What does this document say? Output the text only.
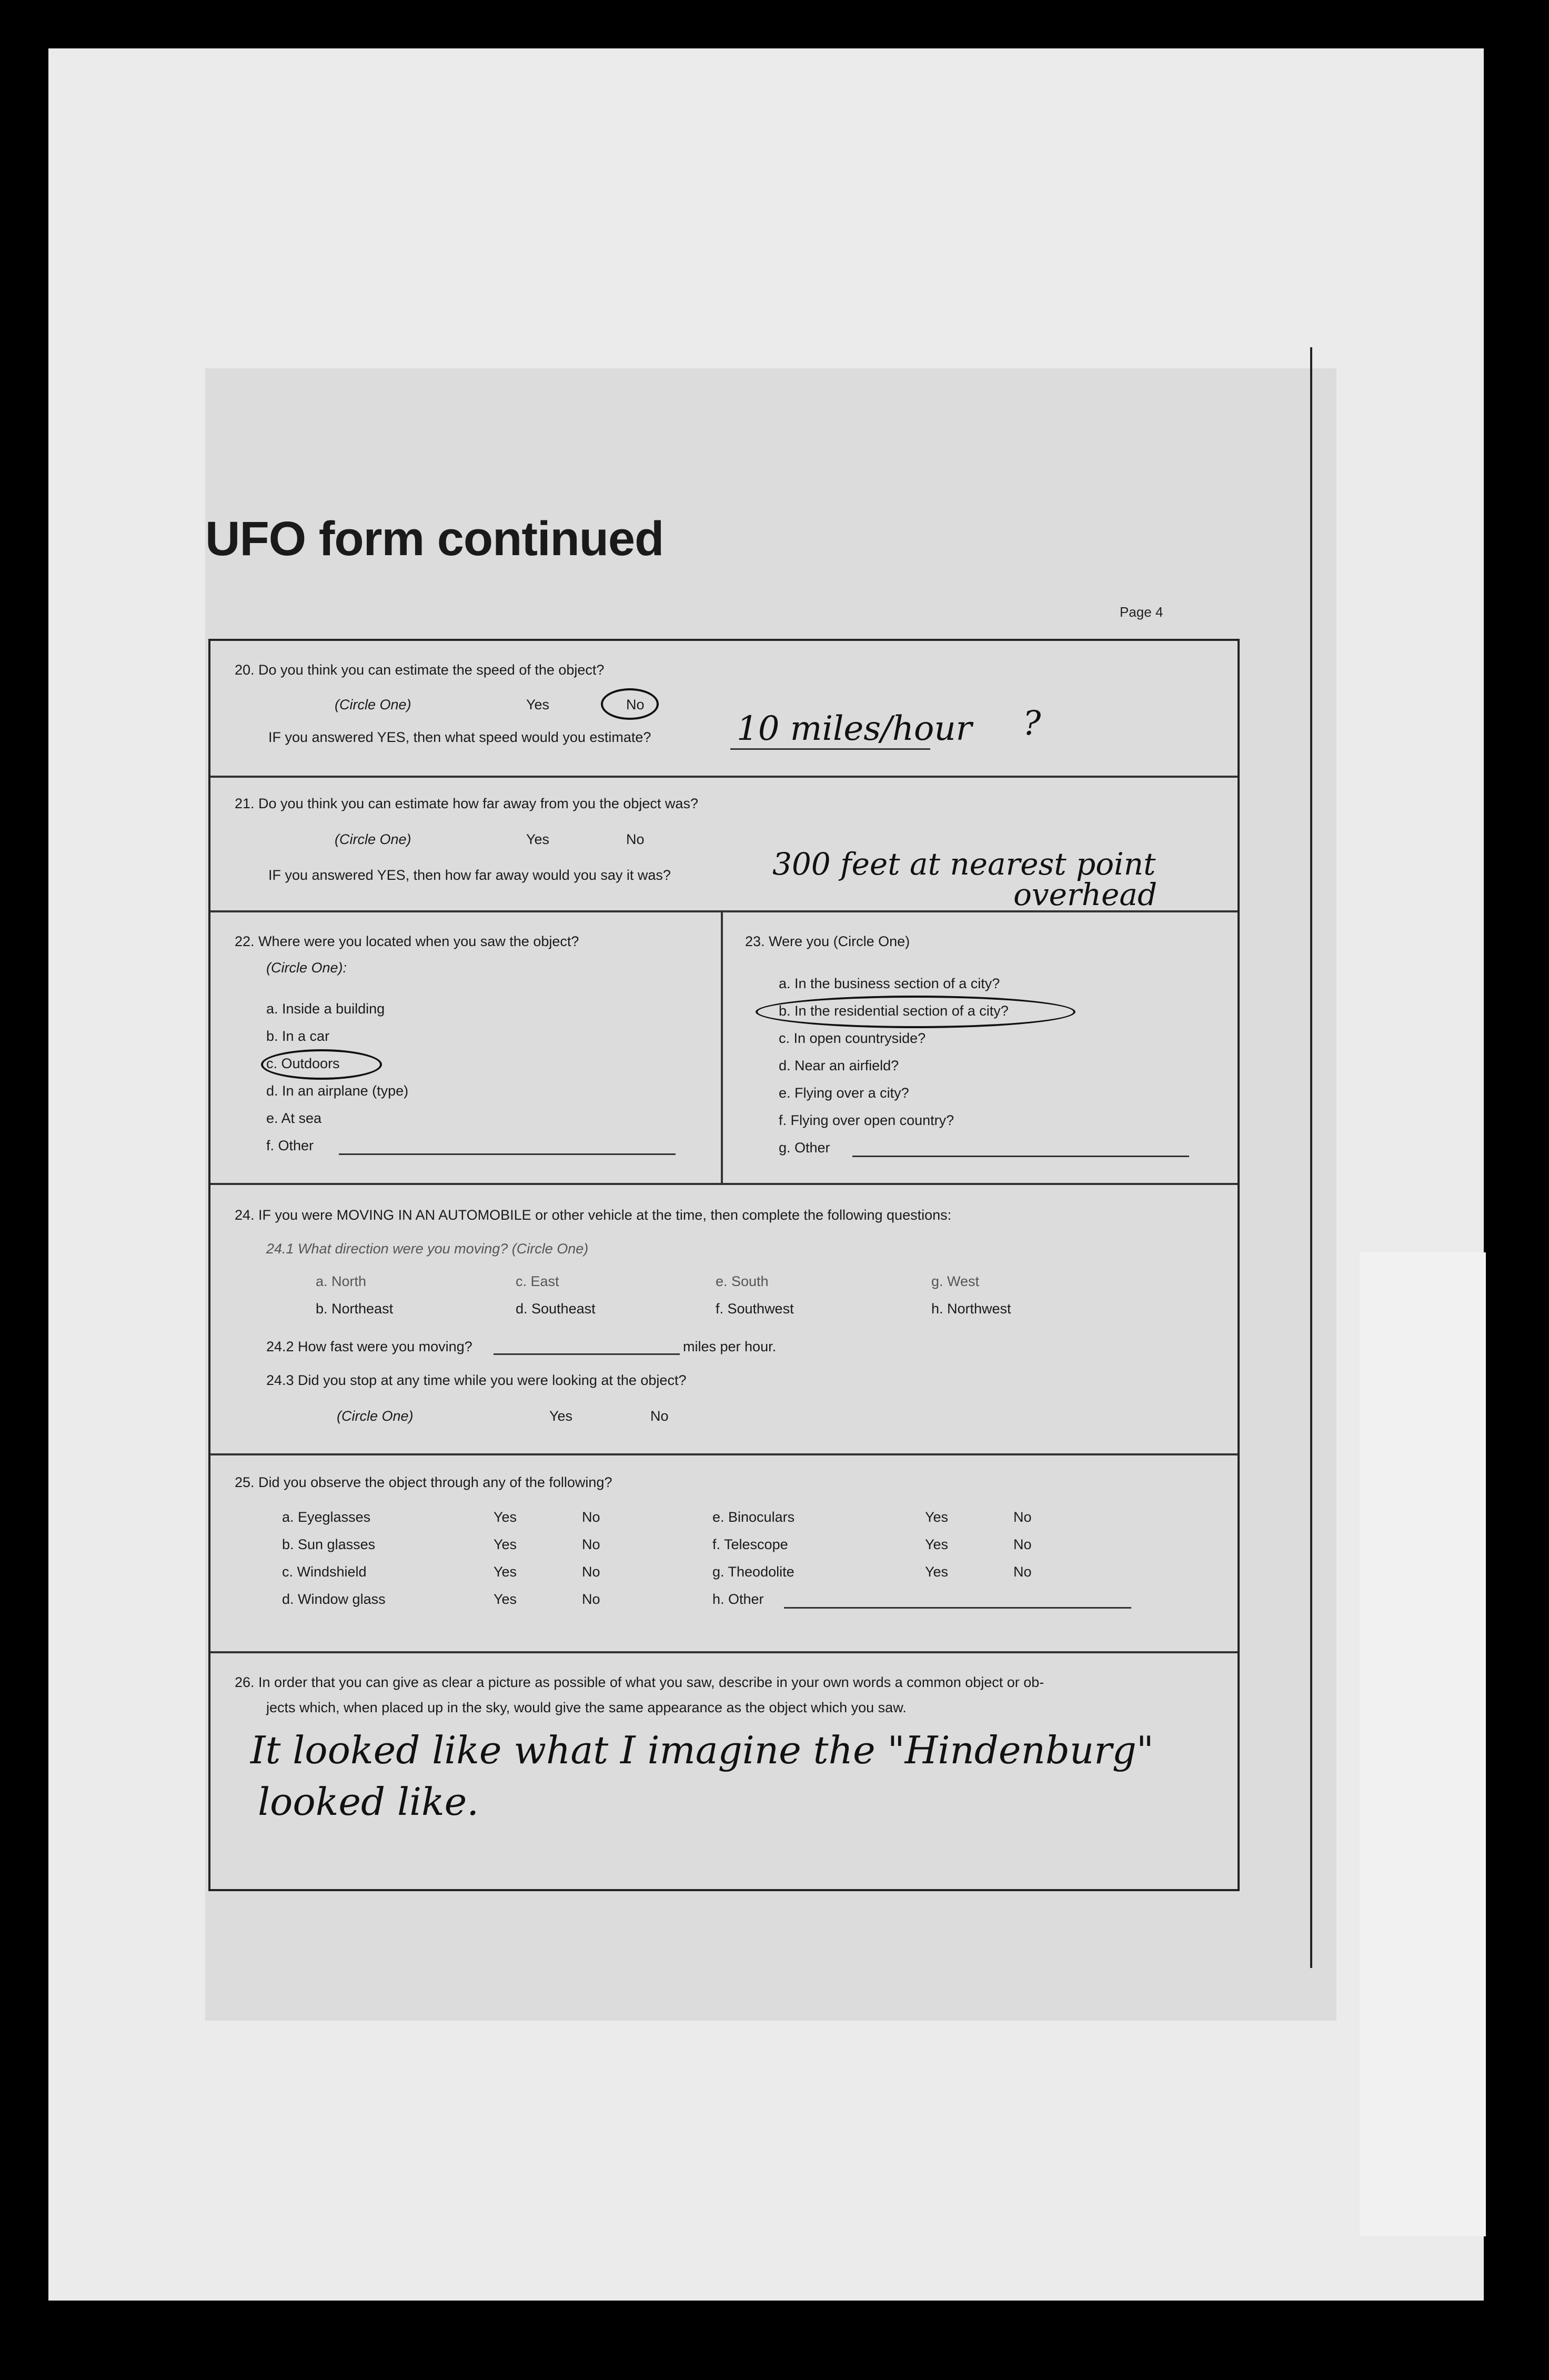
UFO form continued
Page 4
20. Do you think you can estimate the speed of the object?
(Circle One)	Yes	No
IF you answered YES, then what speed would you estimate?	10 miles/hour ?
21. Do you think you can estimate how far away from you the object was?
(Circle One)	Yes	No
IF you answered YES, then how far away would you say it was?	300 feet at nearest point
overhead
22. Where were you located when you saw the object?
(Circle One):
a. Inside a building
b. In a car
c. Outdoors
d. In an airplane (type)
e. At sea
f. Other
23. Were you (Circle One)
a. In the business section of a city?
b. In the residential section of a city?
c. In open countryside?
d. Near an airfield?
e. Flying over a city?
f. Flying over open country?
g. Other
24. IF you were MOVING IN AN AUTOMOBILE or other vehicle at the time, then complete the following questions:
24.1 What direction were you moving? (Circle One)
a. North	c. East	e. South	g. West
b. Northeast	d. Southeast	f. Southwest	h. Northwest
24.2 How fast were you moving?	miles per hour.
24.3 Did you stop at any time while you were looking at the object?
(Circle One)	Yes	No
25. Did you observe the object through any of the following?
a. Eyeglasses	Yes	No
b. Sun glasses	Yes	No
c. Windshield	Yes	No
d. Window glass	Yes	No
e. Binoculars	Yes	No
f. Telescope	Yes	No
g. Theodolite	Yes	No
h. Other
26. In order that you can give as clear a picture as possible of what you saw, describe in your own words a common object or ob-
jects which, when placed up in the sky, would give the same appearance as the object which you saw.
It looked like what I imagine the "Hindenburg"
looked like.
